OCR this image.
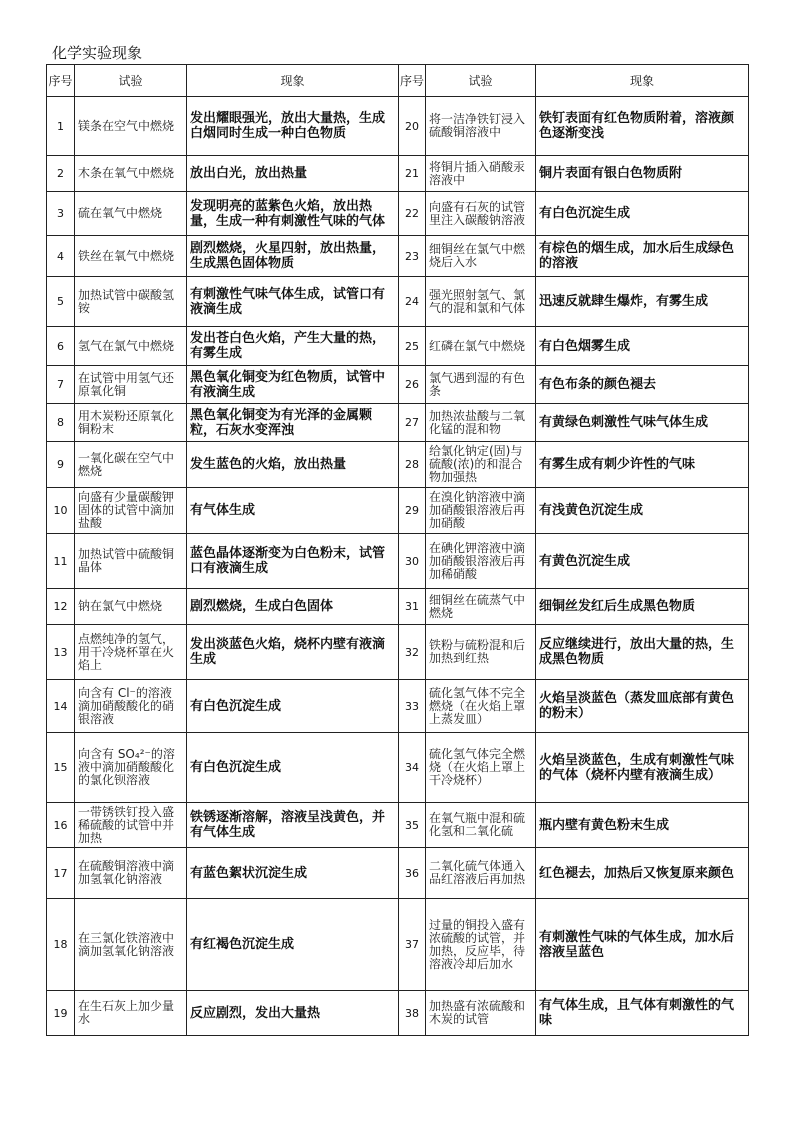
化学实验现象
序号	试验	现象	序号	试验	现象
1	镁条在空气中燃烧	发出耀眼强光，放出大量热，生成白烟同时生成一种白色物质	20	将一洁净铁钉浸入硫酸铜溶液中	铁钉表面有红色物质附着，溶液颜色逐渐变浅
2	木条在氧气中燃烧	放出白光，放出热量	21	将铜片插入硝酸汞溶液中	铜片表面有银白色物质附
3	硫在氧气中燃烧	发现明亮的蓝紫色火焰，放出热量，生成一种有刺激性气味的气体	22	向盛有石灰的试管里注入碳酸钠溶液	有白色沉淀生成
4	铁丝在氧气中燃烧	剧烈燃烧，火星四射，放出热量，生成黑色固体物质	23	细铜丝在氯气中燃烧后入水	有棕色的烟生成，加水后生成绿色的溶液
5	加热试管中碳酸氢铵	有刺激性气味气体生成，试管口有液滴生成	24	强光照射氢气、氯气的混和氯和气体	迅速反就肆生爆炸，有雾生成
6	氢气在氯气中燃烧	发出苍白色火焰，产生大量的热，有雾生成	25	红磷在氯气中燃烧	有白色烟雾生成
7	在试管中用氢气还原氧化铜	黑色氧化铜变为红色物质，试管中有液滴生成	26	氯气遇到湿的有色条	有色布条的颜色褪去
8	用木炭粉还原氧化铜粉末	黑色氧化铜变为有光泽的金属颗粒，石灰水变浑浊	27	加热浓盐酸与二氧化锰的混和物	有黄绿色刺激性气味气体生成
9	一氧化碳在空气中燃烧	发生蓝色的火焰，放出热量	28	给氯化钠定(固)与硫酸(浓)的和混合物加强热	有雾生成有刺少许性的气味
10	向盛有少量碳酸钾固体的试管中滴加盐酸	有气体生成	29	在溴化钠溶液中滴加硝酸银溶液后再加硝酸	有浅黄色沉淀生成
11	加热试管中硫酸铜晶体	蓝色晶体逐渐变为白色粉末，试管口有液滴生成	30	在碘化钾溶液中滴加硝酸银溶液后再加稀硝酸	有黄色沉淀生成
12	钠在氯气中燃烧	剧烈燃烧，生成白色固体	31	细铜丝在硫蒸气中燃烧	细铜丝发红后生成黑色物质
13	点燃纯净的氢气，用干冷烧杯罩在火焰上	发出淡蓝色火焰，烧杯内壁有液滴生成	32	铁粉与硫粉混和后加热到红热	反应继续进行，放出大量的热，生成黑色物质
14	向含有 Cl⁻的溶液滴加硝酸酸化的硝银溶液	有白色沉淀生成	33	硫化氢气体不完全燃烧（在火焰上罩上蒸发皿）	火焰呈淡蓝色（蒸发皿底部有黄色的粉末）
15	向含有 SO₄²⁻的溶液中滴加硝酸酸化的氯化钡溶液	有白色沉淀生成	34	硫化氢气体完全燃烧（在火焰上罩上干冷烧杯）	火焰呈淡蓝色，生成有刺激性气味的气体（烧杯内壁有液滴生成）
16	一带锈铁钉投入盛稀硫酸的试管中并加热	铁锈逐渐溶解，溶液呈浅黄色，并有气体生成	35	在氧气瓶中混和硫化氢和二氧化硫	瓶内壁有黄色粉末生成
17	在硫酸铜溶液中滴加氢氧化钠溶液	有蓝色絮状沉淀生成	36	二氧化硫气体通入品红溶液后再加热	红色褪去，加热后又恢复原来颜色
18	在三氯化铁溶液中滴加氢氧化钠溶液	有红褐色沉淀生成	37	过量的铜投入盛有浓硫酸的试管，并加热，反应毕，待溶液冷却后加水	有刺激性气味的气体生成，加水后溶液呈蓝色
19	在生石灰上加少量水	反应剧烈，发出大量热	38	加热盛有浓硫酸和木炭的试管	有气体生成，且气体有刺激性的气味
